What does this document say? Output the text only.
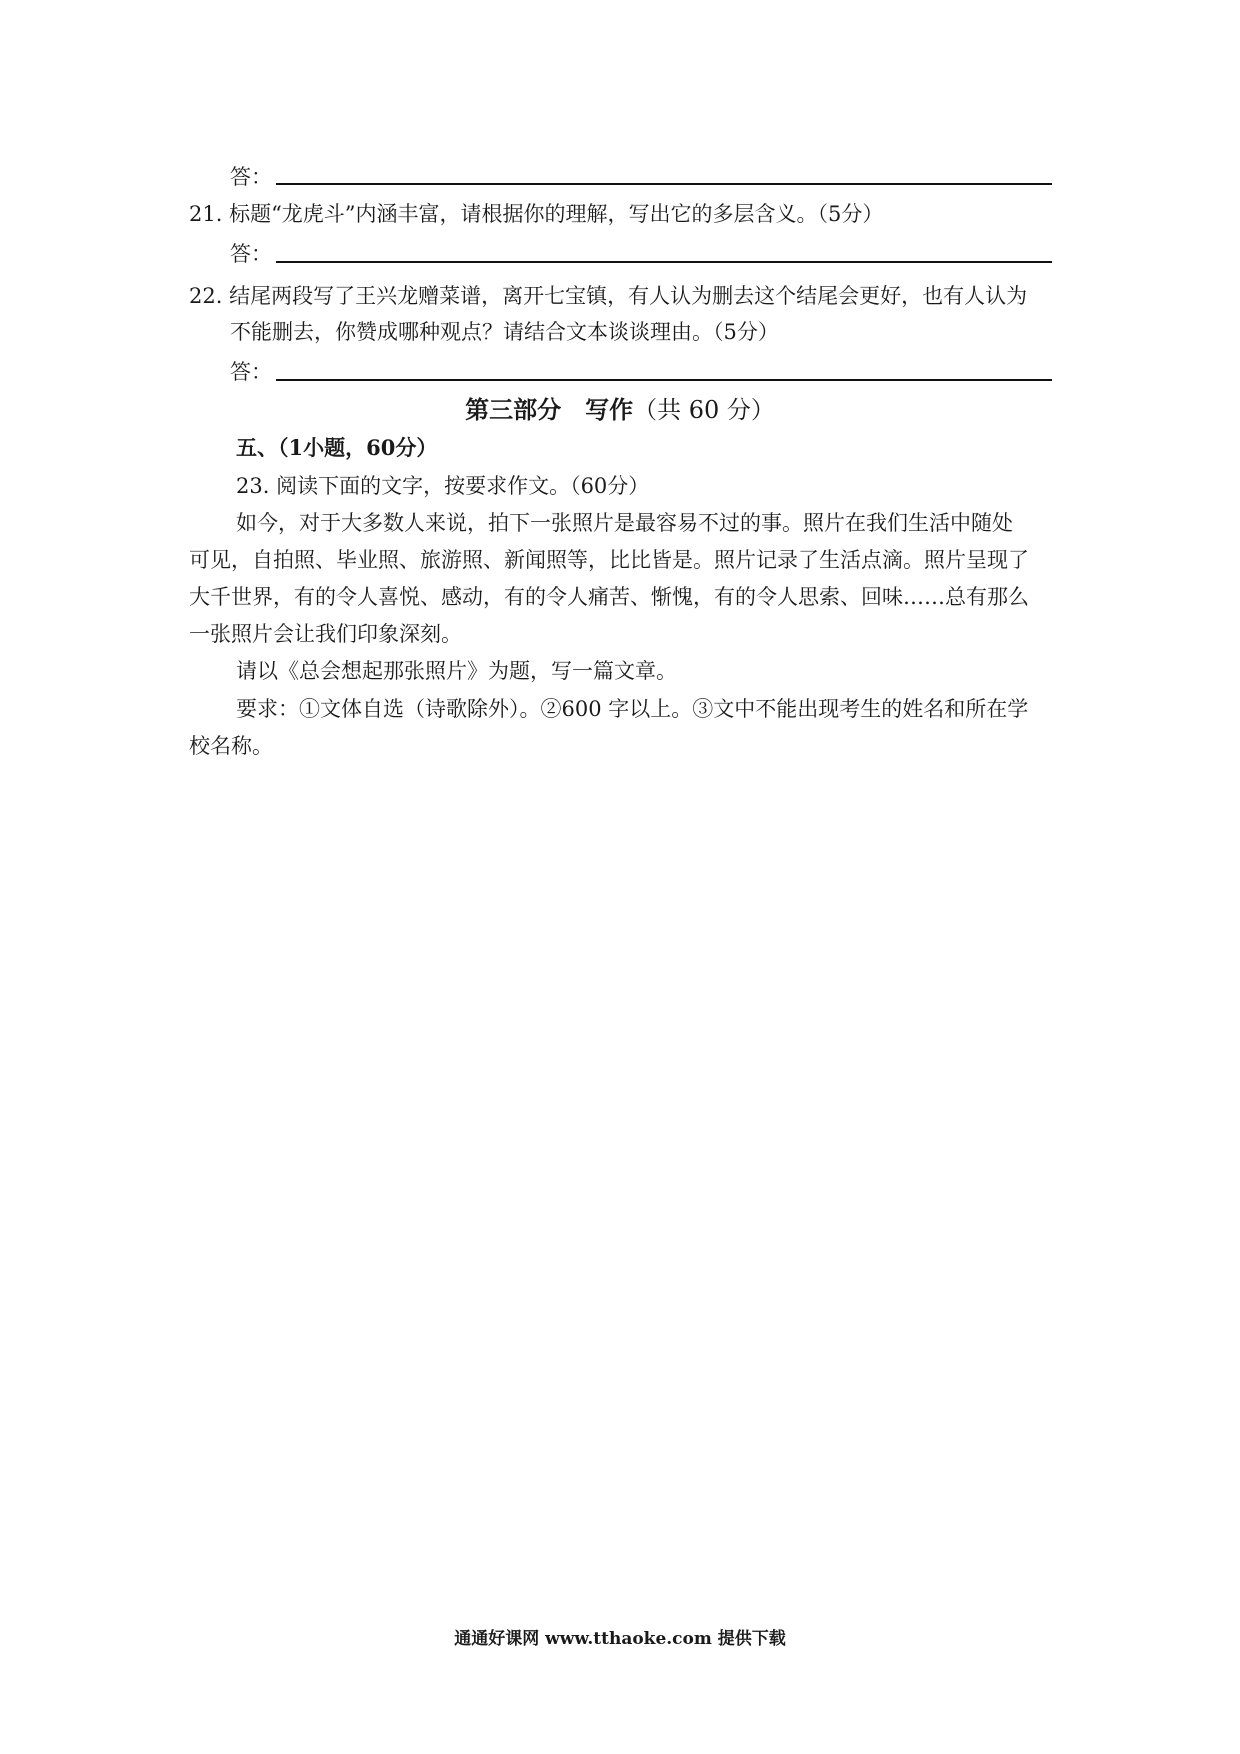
答：
21. 标题“龙虎斗”内涵丰富，请根据你的理解，写出它的多层含义。（5分）
答：
22. 结尾两段写了王兴龙赠菜谱，离开七宝镇，有人认为删去这个结尾会更好，也有人认为
不能删去，你赞成哪种观点？请结合文本谈谈理由。（5分）
答：
第三部分　写作（共 60 分）
五、（1小题，60分）
23. 阅读下面的文字，按要求作文。（60分）
如今，对于大多数人来说，拍下一张照片是最容易不过的事。照片在我们生活中随处
可见，自拍照、毕业照、旅游照、新闻照等，比比皆是。照片记录了生活点滴。照片呈现了
大千世界，有的令人喜悦、感动，有的令人痛苦、惭愧，有的令人思索、回味……总有那么
一张照片会让我们印象深刻。
请以《总会想起那张照片》为题，写一篇文章。
要求：①文体自选（诗歌除外）。②600 字以上。③文中不能出现考生的姓名和所在学
校名称。
通通好课网 www.tthaoke.com 提供下载
